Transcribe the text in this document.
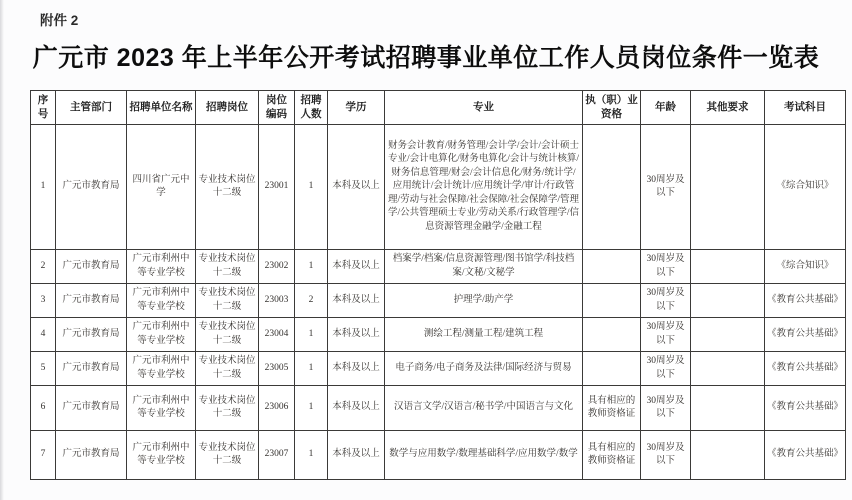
附件 2
广元市 2023 年上半年公开考试招聘事业单位工作人员岗位条件一览表
序号	主管部门	招聘单位名称	招聘岗位	岗位编码	招聘人数	学历	专业	执（职）业资格	年龄	其他要求	考试科目
1	广元市教育局	四川省广元中学	专业技术岗位十二级	23001	1	本科及以上	财务会计教育/财务管理/会计学/会计/会计硕士专业/会计电算化/财务电算化/会计与统计核算/财务信息管理/财会/会计信息化/财务/统计学/应用统计/会计统计/应用统计学/审计/行政管理/劳动与社会保障/社会保障/社会保障学/管理学/公共管理硕士专业/劳动关系/行政管理学/信息资源管理金融学/金融工程		30周岁及以下		《综合知识》
2	广元市教育局	广元市利州中等专业学校	专业技术岗位十二级	23002	1	本科及以上	档案学/档案/信息资源管理/图书馆学/科技档案/文秘/文秘学		30周岁及以下		《综合知识》
3	广元市教育局	广元市利州中等专业学校	专业技术岗位十二级	23003	2	本科及以上	护理学/助产学		30周岁及以下		《教育公共基础》
4	广元市教育局	广元市利州中等专业学校	专业技术岗位十二级	23004	1	本科及以上	测绘工程/测量工程/建筑工程		30周岁及以下		《教育公共基础》
5	广元市教育局	广元市利州中等专业学校	专业技术岗位十二级	23005	1	本科及以上	电子商务/电子商务及法律/国际经济与贸易		30周岁及以下		《教育公共基础》
6	广元市教育局	广元市利州中等专业学校	专业技术岗位十二级	23006	1	本科及以上	汉语言文学/汉语言/秘书学/中国语言与文化	具有相应的教师资格证	30周岁及以下		《教育公共基础》
7	广元市教育局	广元市利州中等专业学校	专业技术岗位十二级	23007	1	本科及以上	数学与应用数学/数理基础科学/应用数学/数学	具有相应的教师资格证	30周岁及以下		《教育公共基础》
